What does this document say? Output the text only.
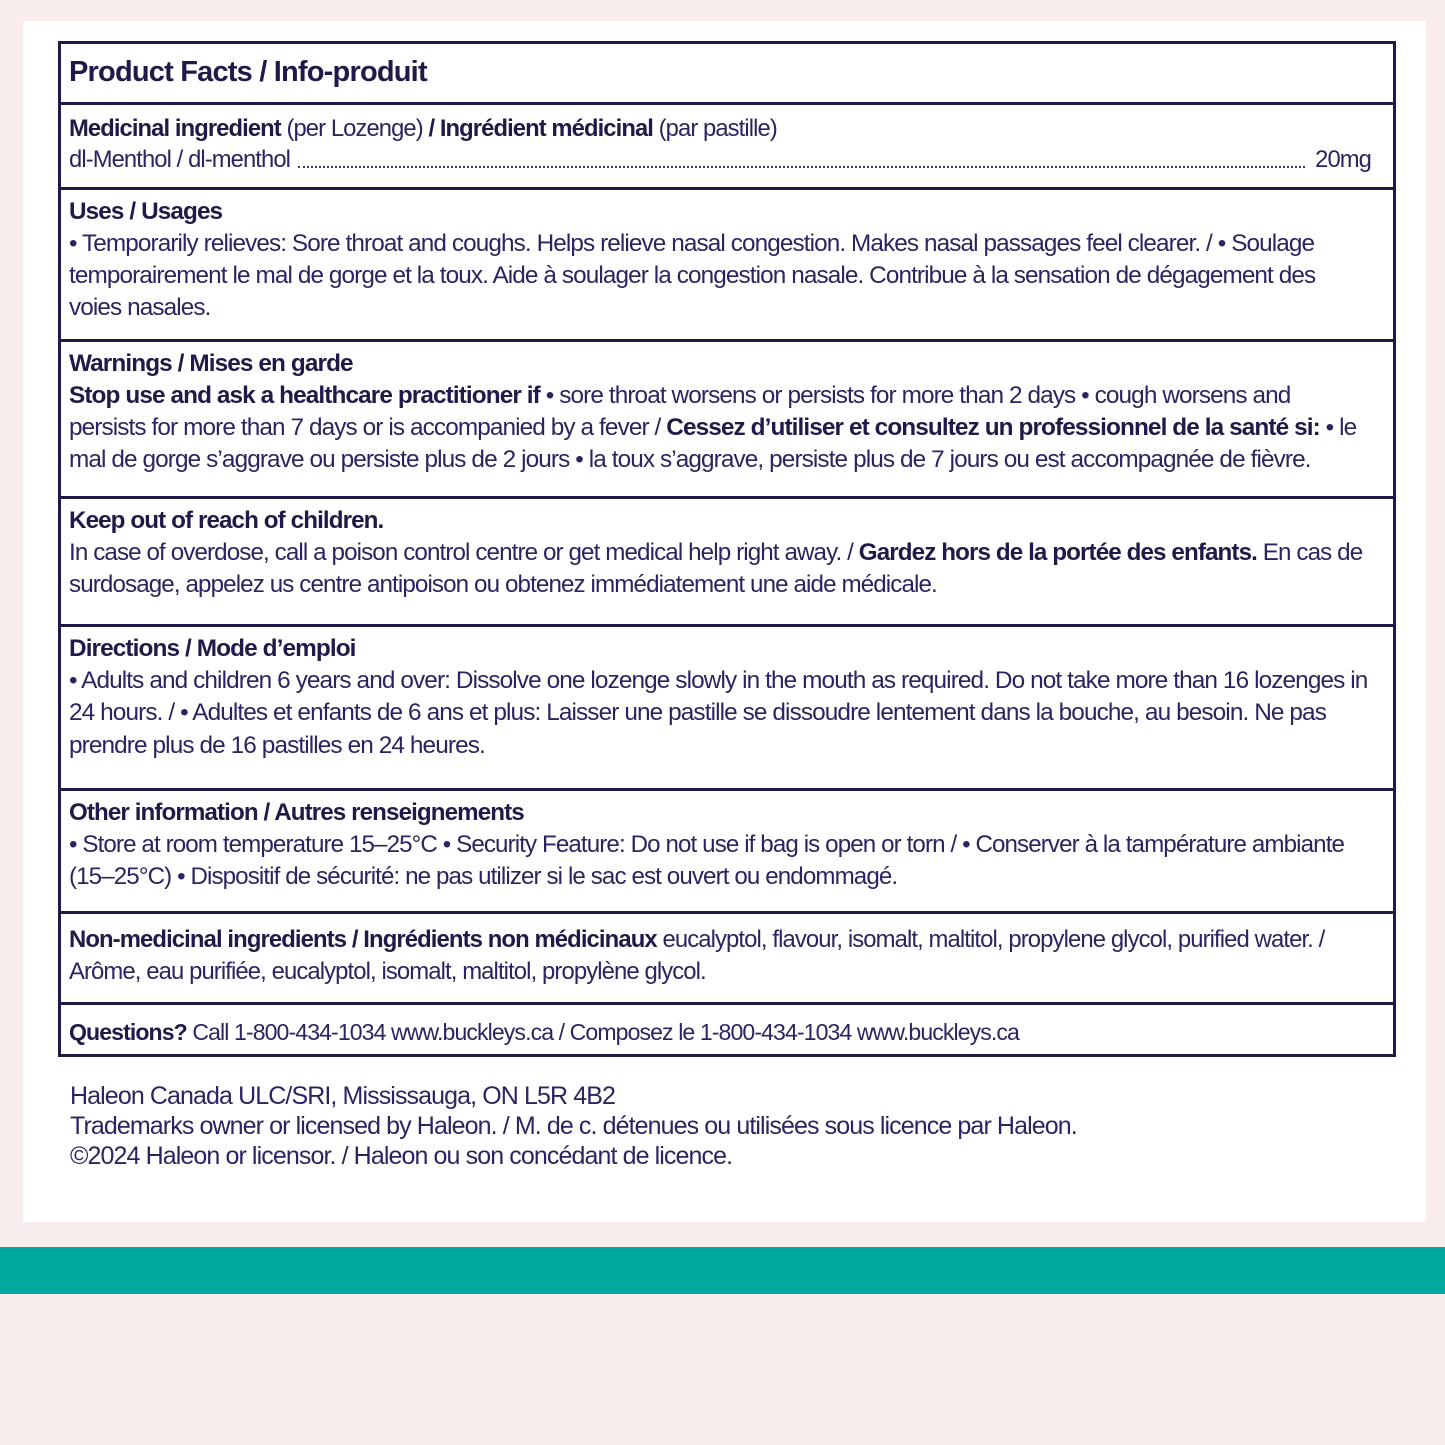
Product Facts / Info-produit
Medicinal ingredient (per Lozenge) / Ingrédient médicinal (par pastille)
dl-Menthol / dl-menthol	20mg
Uses / Usages
• Temporarily relieves: Sore throat and coughs. Helps relieve nasal congestion. Makes nasal passages feel clearer. / • Soulage temporairement le mal de gorge et la toux. Aide à soulager la congestion nasale. Contribue à la sensation de dégagement des voies nasales.
Warnings / Mises en garde
Stop use and ask a healthcare practitioner if • sore throat worsens or persists for more than 2 days • cough worsens and persists for more than 7 days or is accompanied by a fever / Cessez d’utiliser et consultez un professionnel de la santé si: • le mal de gorge s’aggrave ou persiste plus de 2 jours • la toux s’aggrave, persiste plus de 7 jours ou est accompagnée de fièvre.
Keep out of reach of children.
In case of overdose, call a poison control centre or get medical help right away. / Gardez hors de la portée des enfants. En cas de surdosage, appelez us centre antipoison ou obtenez immédiatement une aide médicale.
Directions / Mode d’emploi
• Adults and children 6 years and over: Dissolve one lozenge slowly in the mouth as required. Do not take more than 16 lozenges in 24 hours. / • Adultes et enfants de 6 ans et plus: Laisser une pastille se dissoudre lentement dans la bouche, au besoin. Ne pas prendre plus de 16 pastilles en 24 heures.
Other information / Autres renseignements
• Store at room temperature 15–25°C • Security Feature: Do not use if bag is open or torn / • Conserver à la tampérature ambiante (15–25°C) • Dispositif de sécurité: ne pas utilizer si le sac est ouvert ou endommagé.
Non-medicinal ingredients / Ingrédients non médicinaux eucalyptol, flavour, isomalt, maltitol, propylene glycol, purified water. / Arôme, eau purifiée, eucalyptol, isomalt, maltitol, propylène glycol.
Questions? Call 1-800-434-1034 www.buckleys.ca / Composez le 1-800-434-1034 www.buckleys.ca
Haleon Canada ULC/SRI, Mississauga, ON L5R 4B2
Trademarks owner or licensed by Haleon. / M. de c. détenues ou utilisées sous licence par Haleon.
©2024 Haleon or licensor. / Haleon ou son concédant de licence.
